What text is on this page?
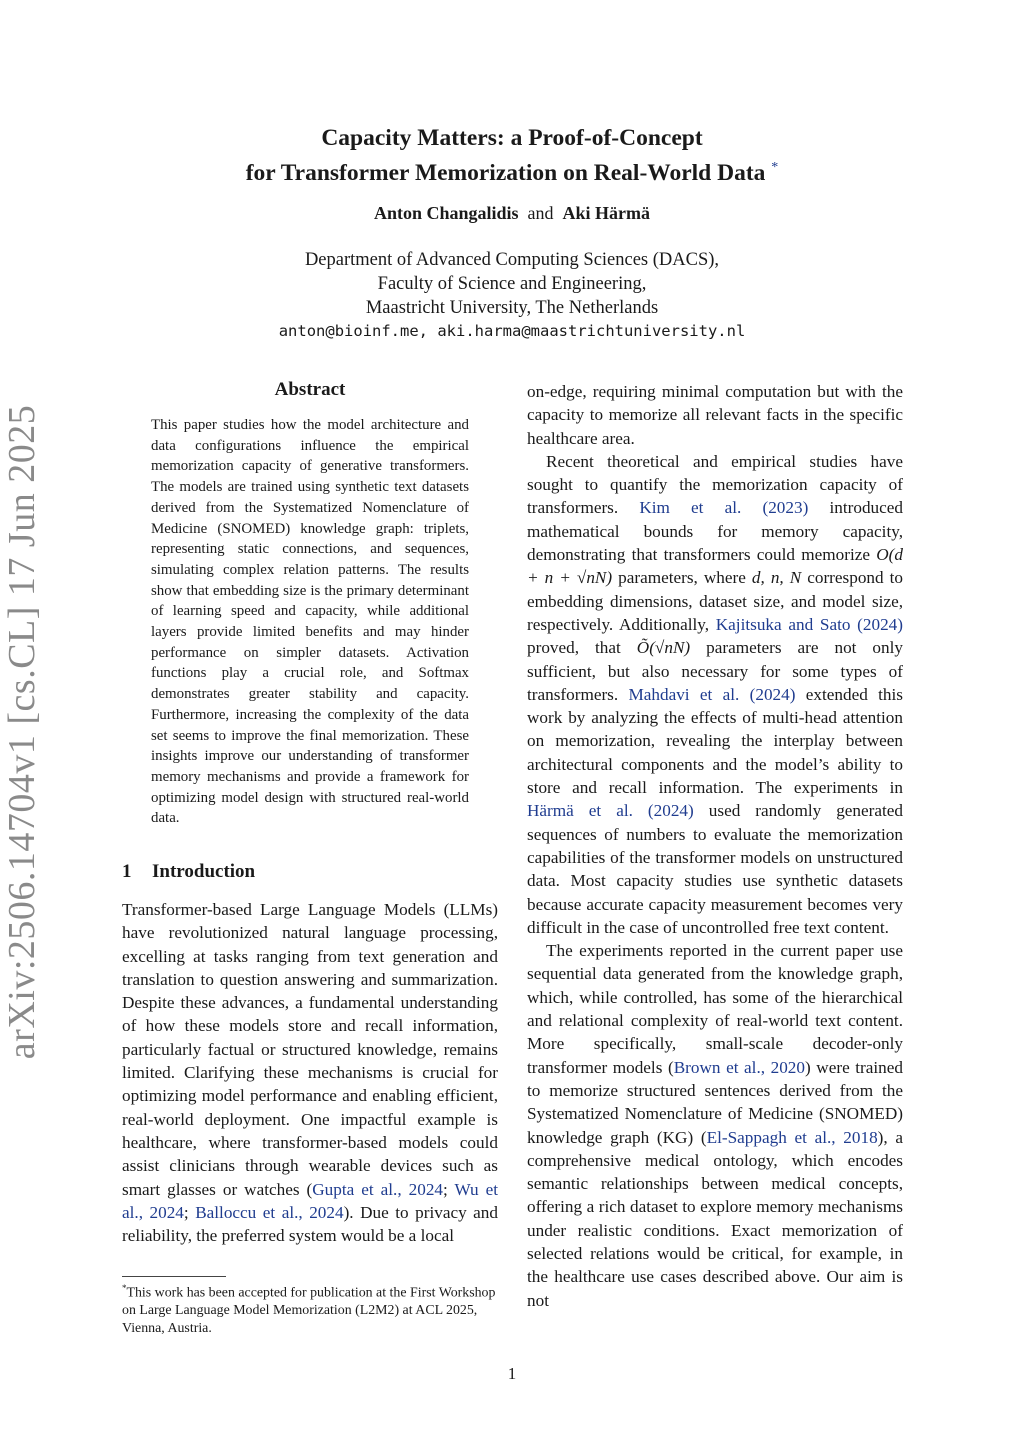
arXiv:2506.14704v1 [cs.CL] 17 Jun 2025
Capacity Matters: a Proof-of-Concept
for Transformer Memorization on Real-World Data *
Anton Changalidis and Aki Härmä
Department of Advanced Computing Sciences (DACS),
Faculty of Science and Engineering,
Maastricht University, The Netherlands
anton@bioinf.me, aki.harma@maastrichtuniversity.nl
Abstract
This paper studies how the model architecture and data configurations influence the empirical memorization capacity of generative transformers. The models are trained using synthetic text datasets derived from the Systematized Nomenclature of Medicine (SNOMED) knowledge graph: triplets, representing static connections, and sequences, simulating complex relation patterns. The results show that embedding size is the primary determinant of learning speed and capacity, while additional layers provide limited benefits and may hinder performance on simpler datasets. Activation functions play a crucial role, and Softmax demonstrates greater stability and capacity. Furthermore, increasing the complexity of the data set seems to improve the final memorization. These insights improve our understanding of transformer memory mechanisms and provide a framework for optimizing model design with structured real-world data.
1 Introduction
Transformer-based Large Language Models (LLMs) have revolutionized natural language processing, excelling at tasks ranging from text generation and translation to question answering and summarization. Despite these advances, a fundamental understanding of how these models store and recall information, particularly factual or structured knowledge, remains limited. Clarifying these mechanisms is crucial for optimizing model performance and enabling efficient, real-world deployment. One impactful example is healthcare, where transformer-based models could assist clinicians through wearable devices such as smart glasses or watches (Gupta et al., 2024; Wu et al., 2024; Balloccu et al., 2024). Due to privacy and reliability, the preferred system would be a local
*This work has been accepted for publication at the First Workshop on Large Language Model Memorization (L2M2) at ACL 2025, Vienna, Austria.

on-edge, requiring minimal computation but with the capacity to memorize all relevant facts in the specific healthcare area.

Recent theoretical and empirical studies have sought to quantify the memorization capacity of transformers. Kim et al. (2023) introduced mathematical bounds for memory capacity, demonstrating that transformers could memorize O(d + n + √nN) parameters, where d, n, N correspond to embedding dimensions, dataset size, and model size, respectively. Additionally, Kajitsuka and Sato (2024) proved, that Õ(√nN) parameters are not only sufficient, but also necessary for some types of transformers. Mahdavi et al. (2024) extended this work by analyzing the effects of multi-head attention on memorization, revealing the interplay between architectural components and the model’s ability to store and recall information. The experiments in Härmä et al. (2024) used randomly generated sequences of numbers to evaluate the memorization capabilities of the transformer models on unstructured data. Most capacity studies use synthetic datasets because accurate capacity measurement becomes very difficult in the case of uncontrolled free text content.

The experiments reported in the current paper use sequential data generated from the knowledge graph, which, while controlled, has some of the hierarchical and relational complexity of real-world text content. More specifically, small-scale decoder-only transformer models (Brown et al., 2020) were trained to memorize structured sentences derived from the Systematized Nomenclature of Medicine (SNOMED) knowledge graph (KG) (El-Sappagh et al., 2018), a comprehensive medical ontology, which encodes semantic relationships between medical concepts, offering a rich dataset to explore memory mechanisms under realistic conditions. Exact memorization of selected relations would be critical, for example, in the healthcare use cases described above. Our aim is not

1
